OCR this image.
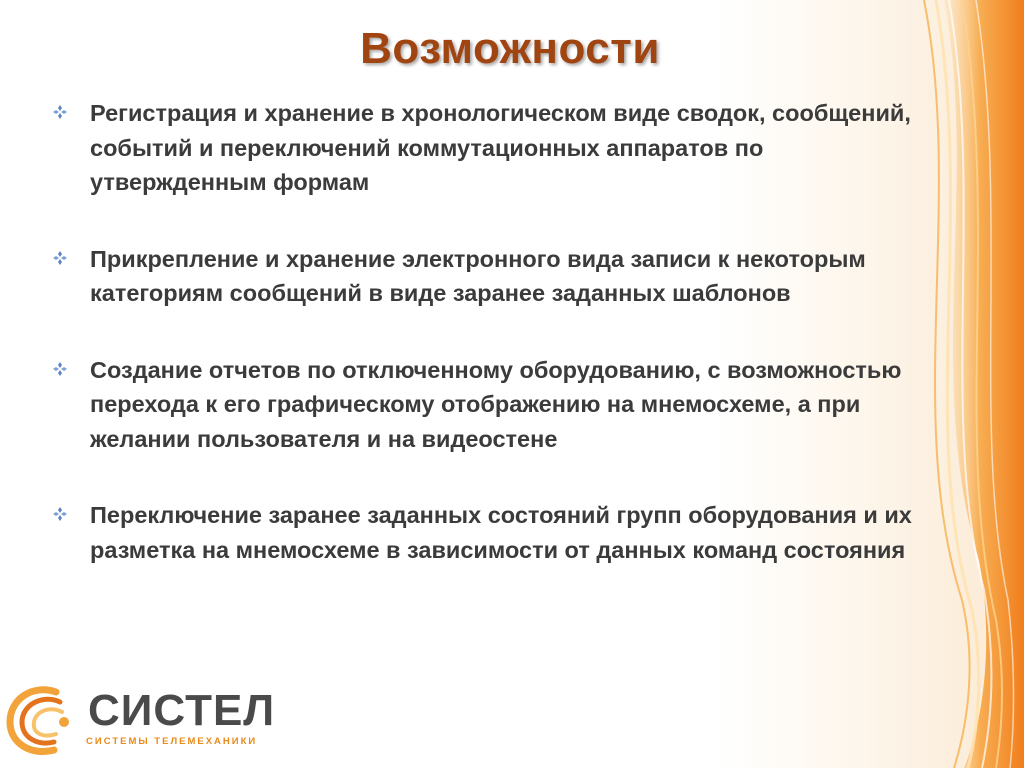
Возможности
Регистрация и хранение в хронологическом виде сводок, сообщений, событий и переключений коммутационных аппаратов по утвержденным формам
Прикрепление и хранение электронного вида записи к некоторым категориям сообщений в виде заранее заданных шаблонов
Создание отчетов по отключенному оборудованию, с возможностью перехода к его графическому отображению на мнемосхеме, а при желании пользователя и на видеостене
Переключение заранее заданных состояний групп оборудования и их разметка на мнемосхеме в зависимости от данных команд состояния
СИСТЕЛ
СИСТЕМЫ ТЕЛЕМЕХАНИКИ
